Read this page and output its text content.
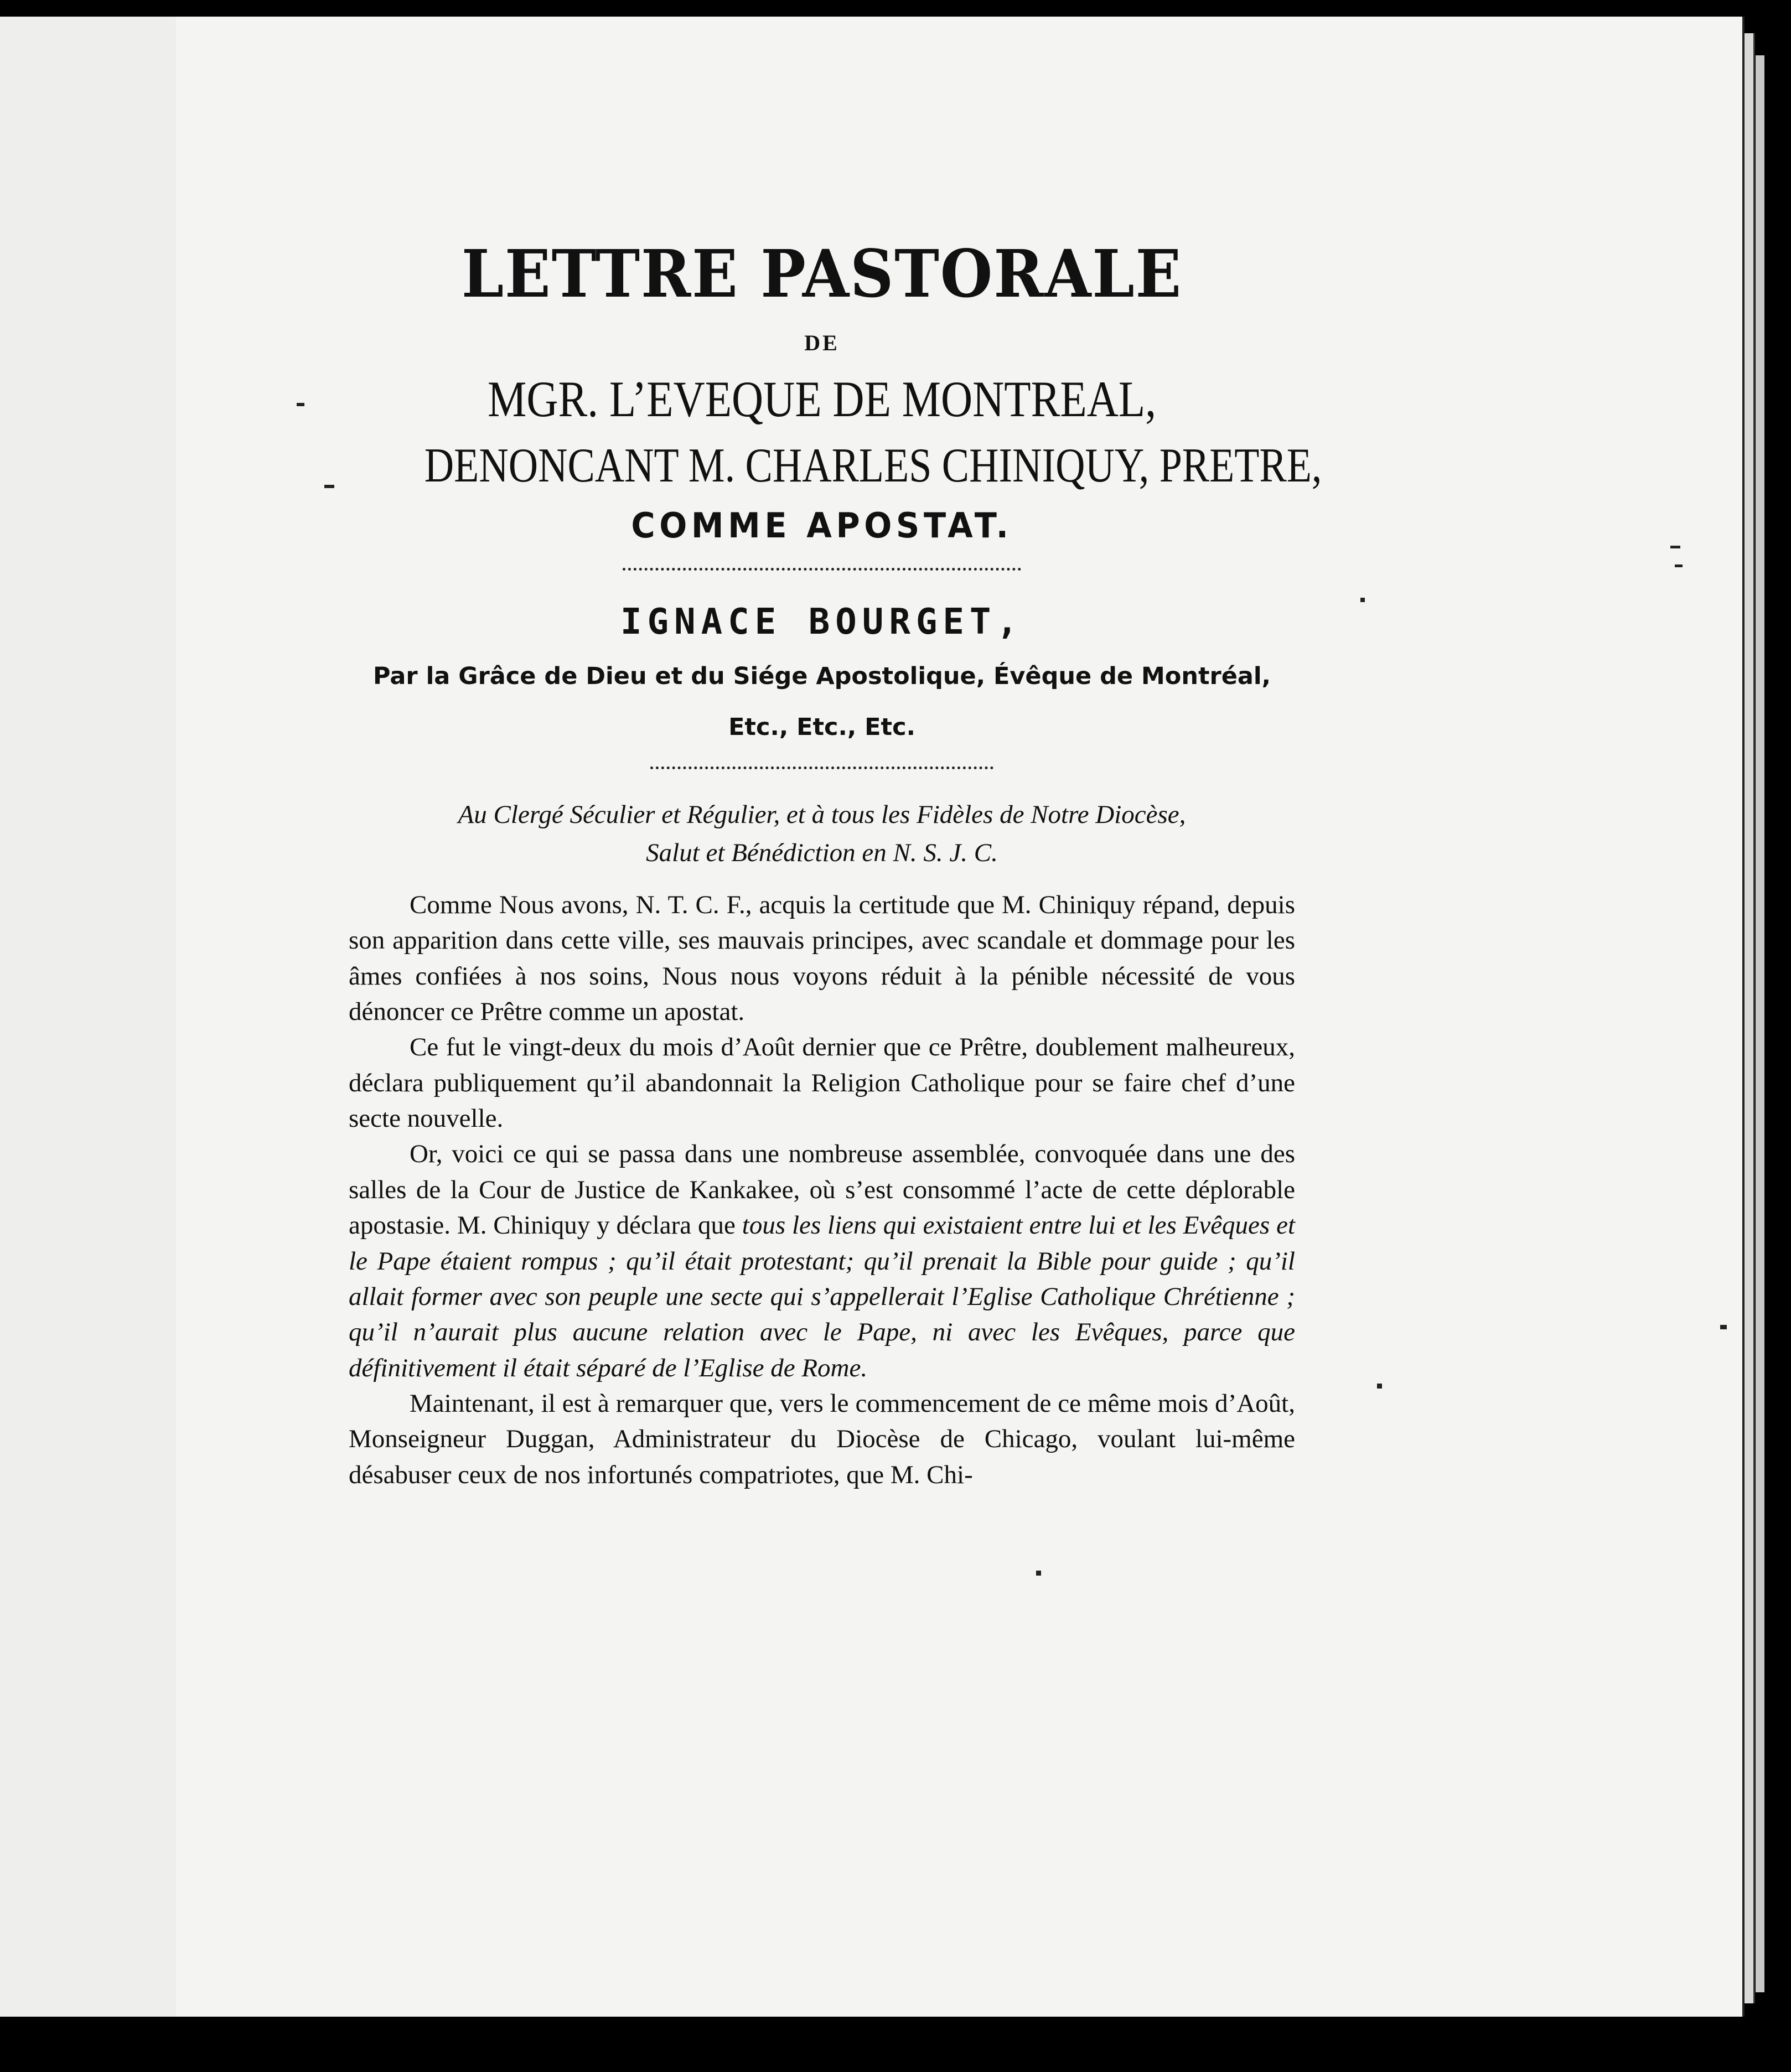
LETTRE PASTORALE
DE
MGR. L’EVEQUE DE MONTREAL,
DENONCANT M. CHARLES CHINIQUY, PRETRE,
COMME APOSTAT.
IGNACE BOURGET,
Par la Grâce de Dieu et du Siége Apostolique, Évêque de Montréal,
Etc., Etc., Etc.
Au Clergé Séculier et Régulier, et à tous les Fidèles de Notre Diocèse,
Salut et Bénédiction en N. S. J. C.

Comme Nous avons, N. T. C. F., acquis la certitude que M. Chiniquy répand, depuis son apparition dans cette ville, ses mauvais principes, avec scandale et dommage pour les âmes confiées à nos soins, Nous nous voyons réduit à la pénible nécessité de vous dénoncer ce Prêtre comme un apostat.

Ce fut le vingt-deux du mois d’Août dernier que ce Prêtre, doublement malheureux, déclara publiquement qu’il abandonnait la Religion Catholique pour se faire chef d’une secte nouvelle.

Or, voici ce qui se passa dans une nombreuse assemblée, convoquée dans une des salles de la Cour de Justice de Kankakee, où s’est consommé l’acte de cette déplorable apostasie. M. Chiniquy y déclara que tous les liens qui existaient entre lui et les Evêques et le Pape étaient rompus ; qu’il était protestant; qu’il prenait la Bible pour guide ; qu’il allait former avec son peuple une secte qui s’appellerait l’Eglise Catholique Chrétienne ; qu’il n’aurait plus aucune relation avec le Pape, ni avec les Evêques, parce que définitivement il était séparé de l’Eglise de Rome.

Maintenant, il est à remarquer que, vers le commencement de ce même mois d’Août, Monseigneur Duggan, Administrateur du Diocèse de Chicago, voulant lui-même désabuser ceux de nos infortunés compatriotes, que M. Chi-
